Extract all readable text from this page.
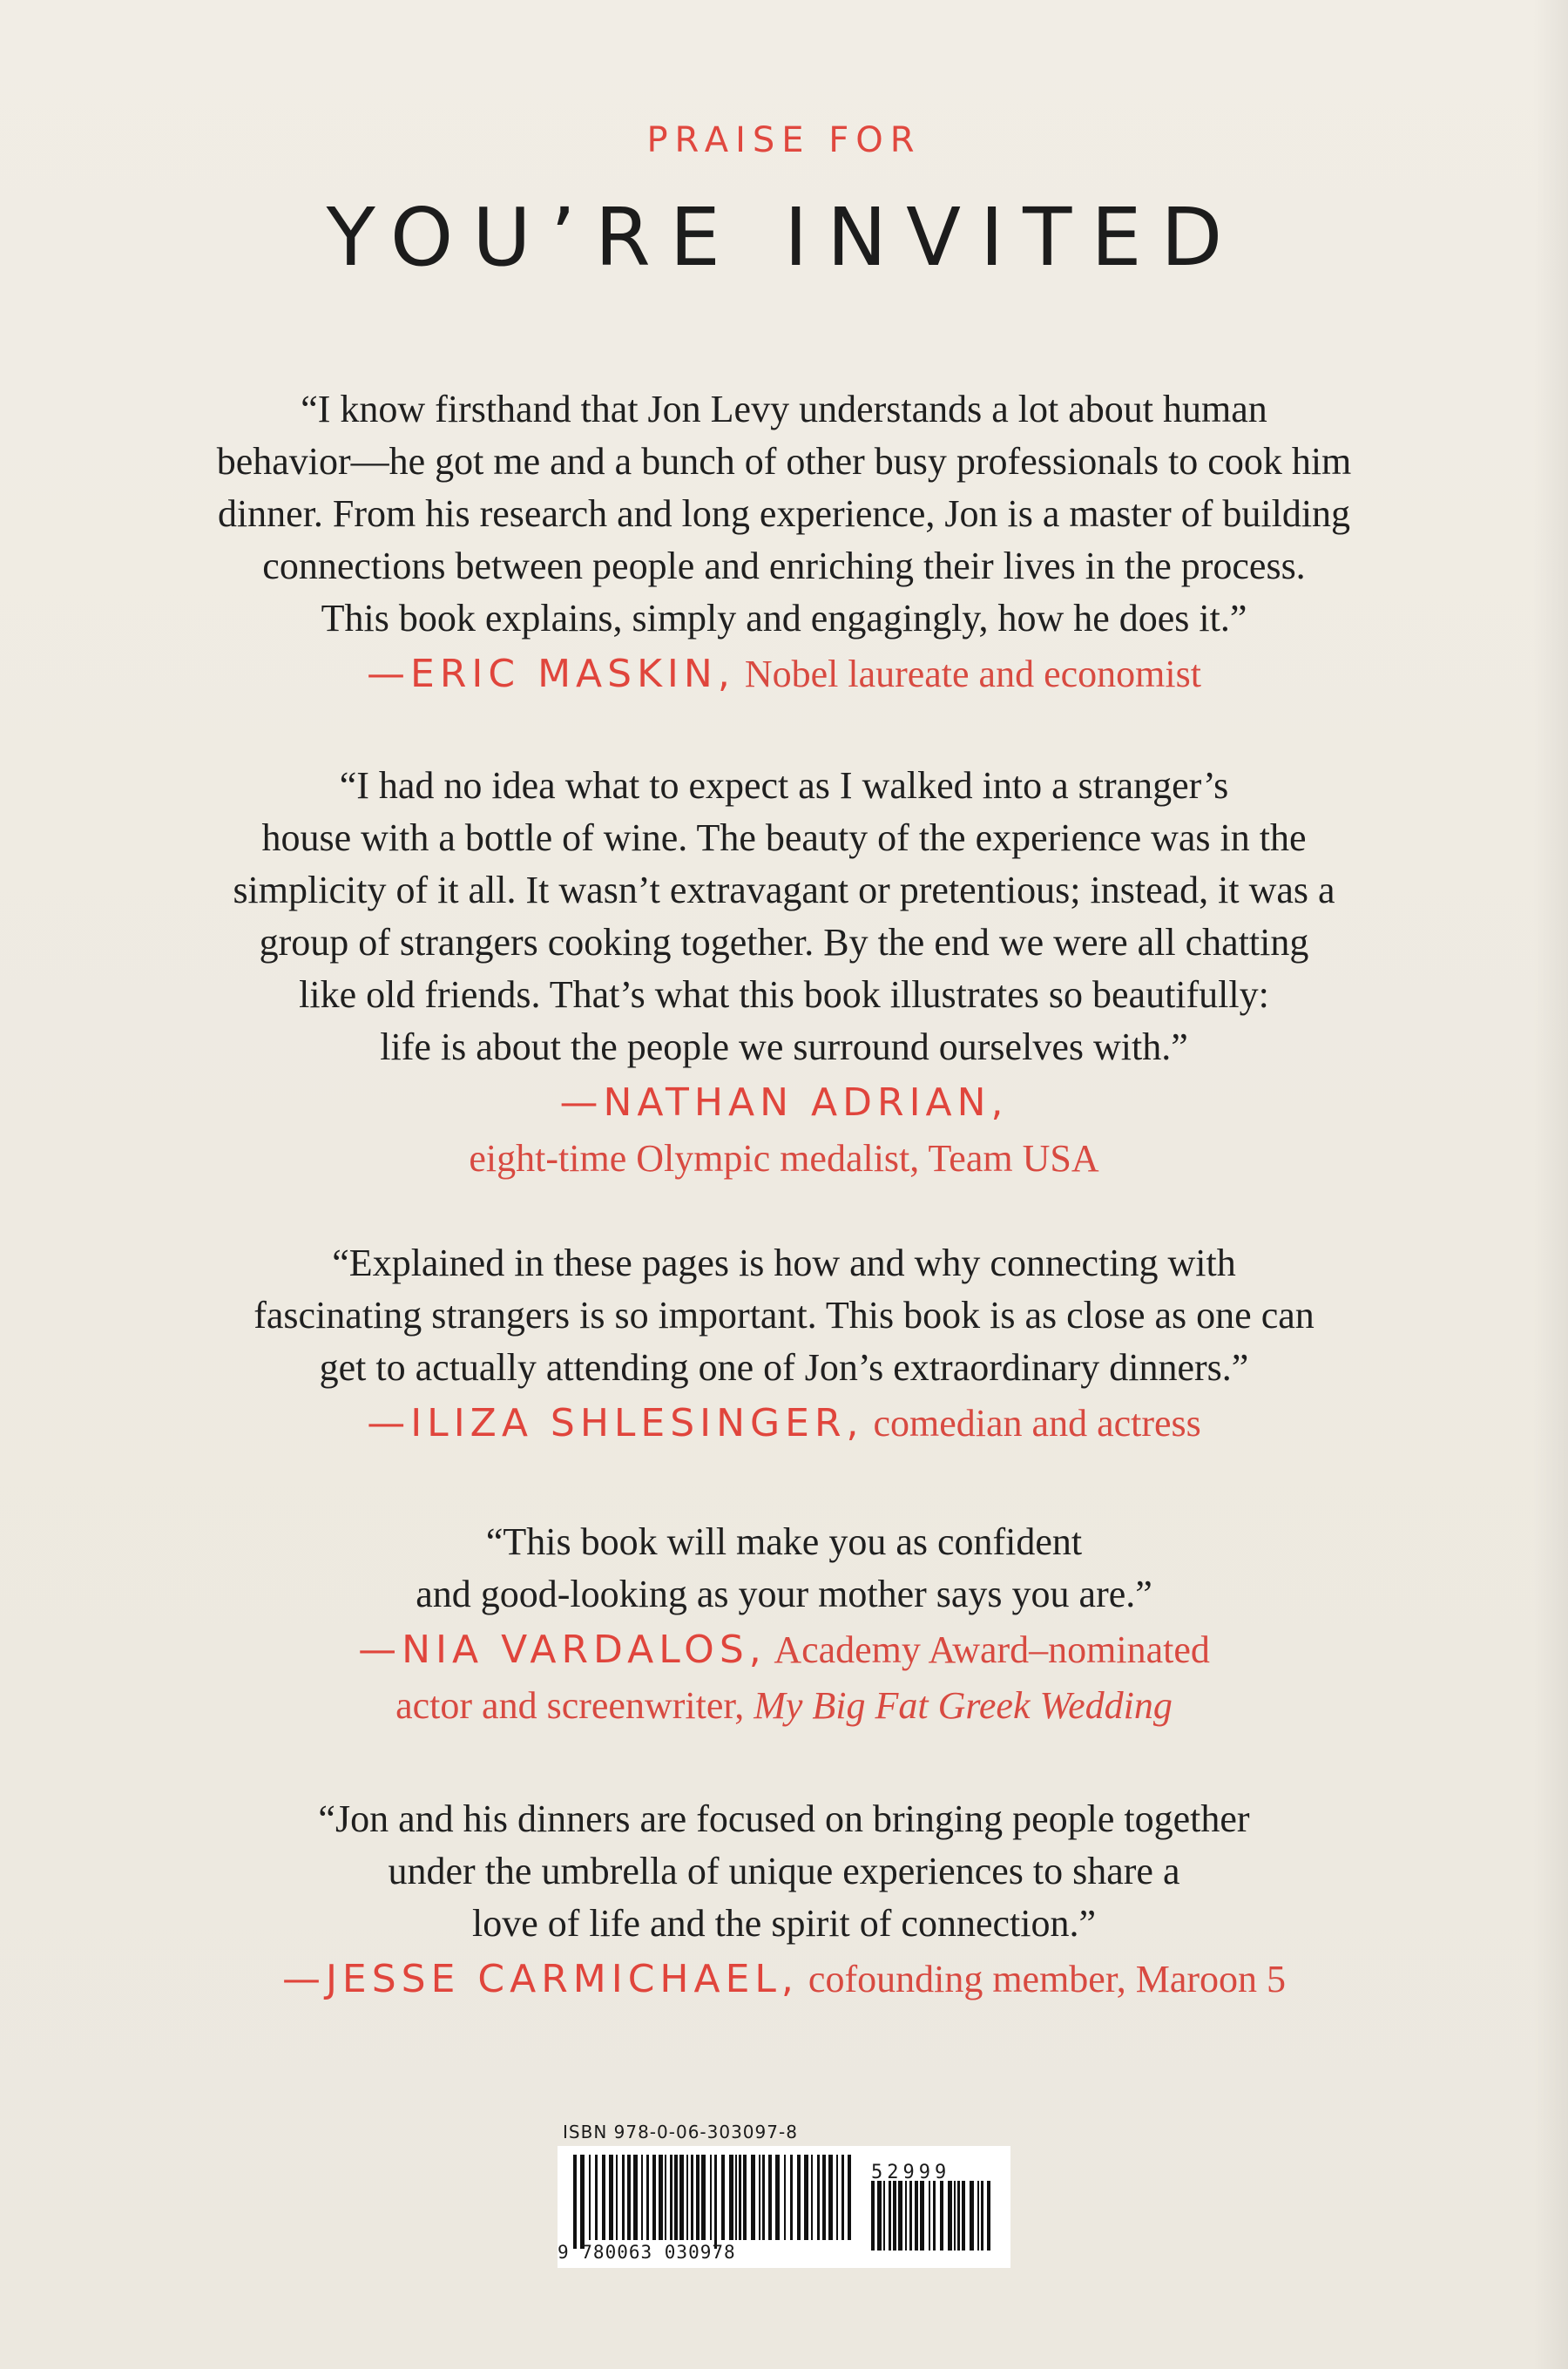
PRAISE FOR
YOU’RE INVITED

“I know firsthand that Jon Levy understands a lot about human
behavior—he got me and a bunch of other busy professionals to cook him
dinner. From his research and long experience, Jon is a master of building
connections between people and enriching their lives in the process.
This book explains, simply and engagingly, how he does it.”

—ERIC MASKIN, Nobel laureate and economist

“I had no idea what to expect as I walked into a stranger’s
house with a bottle of wine. The beauty of the experience was in the
simplicity of it all. It wasn’t extravagant or pretentious; instead, it was a
group of strangers cooking together. By the end we were all chatting
like old friends. That’s what this book illustrates so beautifully:
life is about the people we surround ourselves with.”

—NATHAN ADRIAN,
eight-time Olympic medalist, Team USA

“Explained in these pages is how and why connecting with
fascinating strangers is so important. This book is as close as one can
get to actually attending one of Jon’s extraordinary dinners.”

—ILIZA SHLESINGER, comedian and actress

“This book will make you as confident
and good-looking as your mother says you are.”

—NIA VARDALOS, Academy Award–nominated
actor and screenwriter, My Big Fat Greek Wedding

“Jon and his dinners are focused on bringing people together
under the umbrella of unique experiences to share a
love of life and the spirit of connection.”

—JESSE CARMICHAEL, cofounding member, Maroon 5

ISBN 978-0-06-303097-8
52999
9 780063 030978
